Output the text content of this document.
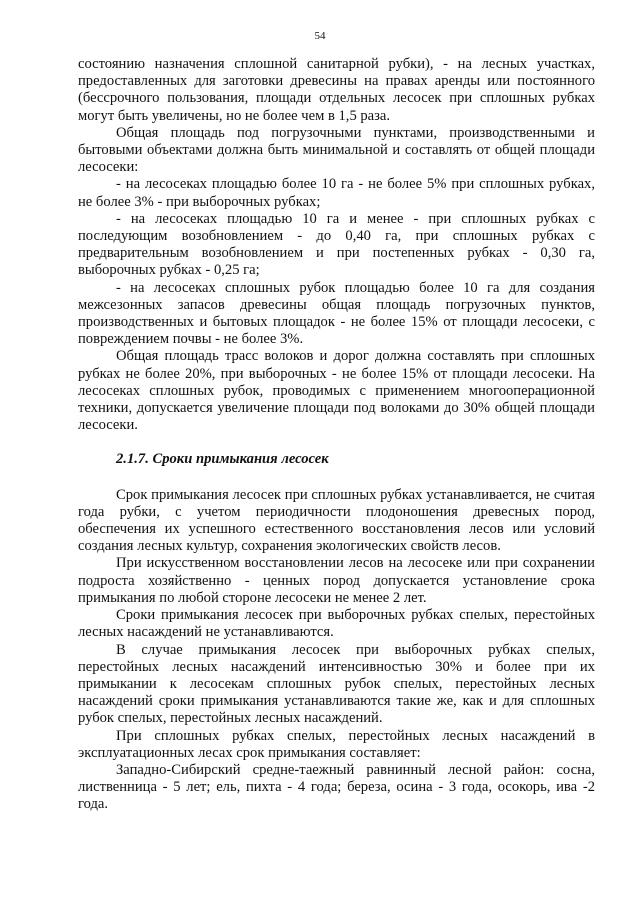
54

состоянию назначения сплошной санитарной рубки), - на лесных участках, предоставленных для заготовки древесины на правах аренды или постоянного (бессрочного пользования, площади отдельных лесосек при сплошных рубках могут быть увеличены, но не более чем в 1,5 раза.

Общая площадь под погрузочными пунктами, производственными и бытовыми объектами должна быть минимальной и составлять от общей площади лесосеки:

- на лесосеках площадью более 10 га - не более 5% при сплошных рубках, не более 3% - при выборочных рубках;

- на лесосеках площадью 10 га и менее - при сплошных рубках с последующим возобновлением - до 0,40 га, при сплошных рубках с предварительным возобновлением и при постепенных рубках - 0,30 га, выборочных рубках - 0,25 га;

- на лесосеках сплошных рубок площадью более 10 га для создания межсезонных запасов древесины общая площадь погрузочных пунктов, производственных и бытовых площадок - не более 15% от площади лесосеки, с повреждением почвы - не более 3%.

Общая площадь трасс волоков и дорог должна составлять при сплошных рубках не более 20%, при выборочных - не более 15% от площади лесосеки. На лесосеках сплошных рубок, проводимых с применением многооперационной техники, допускается увеличение площади под волоками до 30% общей площади лесосеки.

2.1.7. Сроки примыкания лесосек

Срок примыкания лесосек при сплошных рубках устанавливается, не считая года рубки, с учетом периодичности плодоношения древесных пород, обеспечения их успешного естественного восстановления лесов или условий создания лесных культур, сохранения экологических свойств лесов.

При искусственном восстановлении лесов на лесосеке или при сохранении подроста хозяйственно - ценных пород допускается установление срока примыкания по любой стороне лесосеки не менее 2 лет.

Сроки примыкания лесосек при выборочных рубках спелых, перестойных лесных насаждений не устанавливаются.

В случае примыкания лесосек при выборочных рубках спелых, перестойных лесных насаждений интенсивностью 30% и более при их примыкании к лесосекам сплошных рубок спелых, перестойных лесных насаждений сроки примыкания устанавливаются такие же, как и для сплошных рубок спелых, перестойных лесных насаждений.

При сплошных рубках спелых, перестойных лесных насаждений в эксплуатационных лесах срок примыкания составляет:

Западно-Сибирский средне-таежный равнинный лесной район: сосна, лиственница - 5 лет; ель, пихта - 4 года; береза, осина - 3 года, осокорь, ива -2 года.
